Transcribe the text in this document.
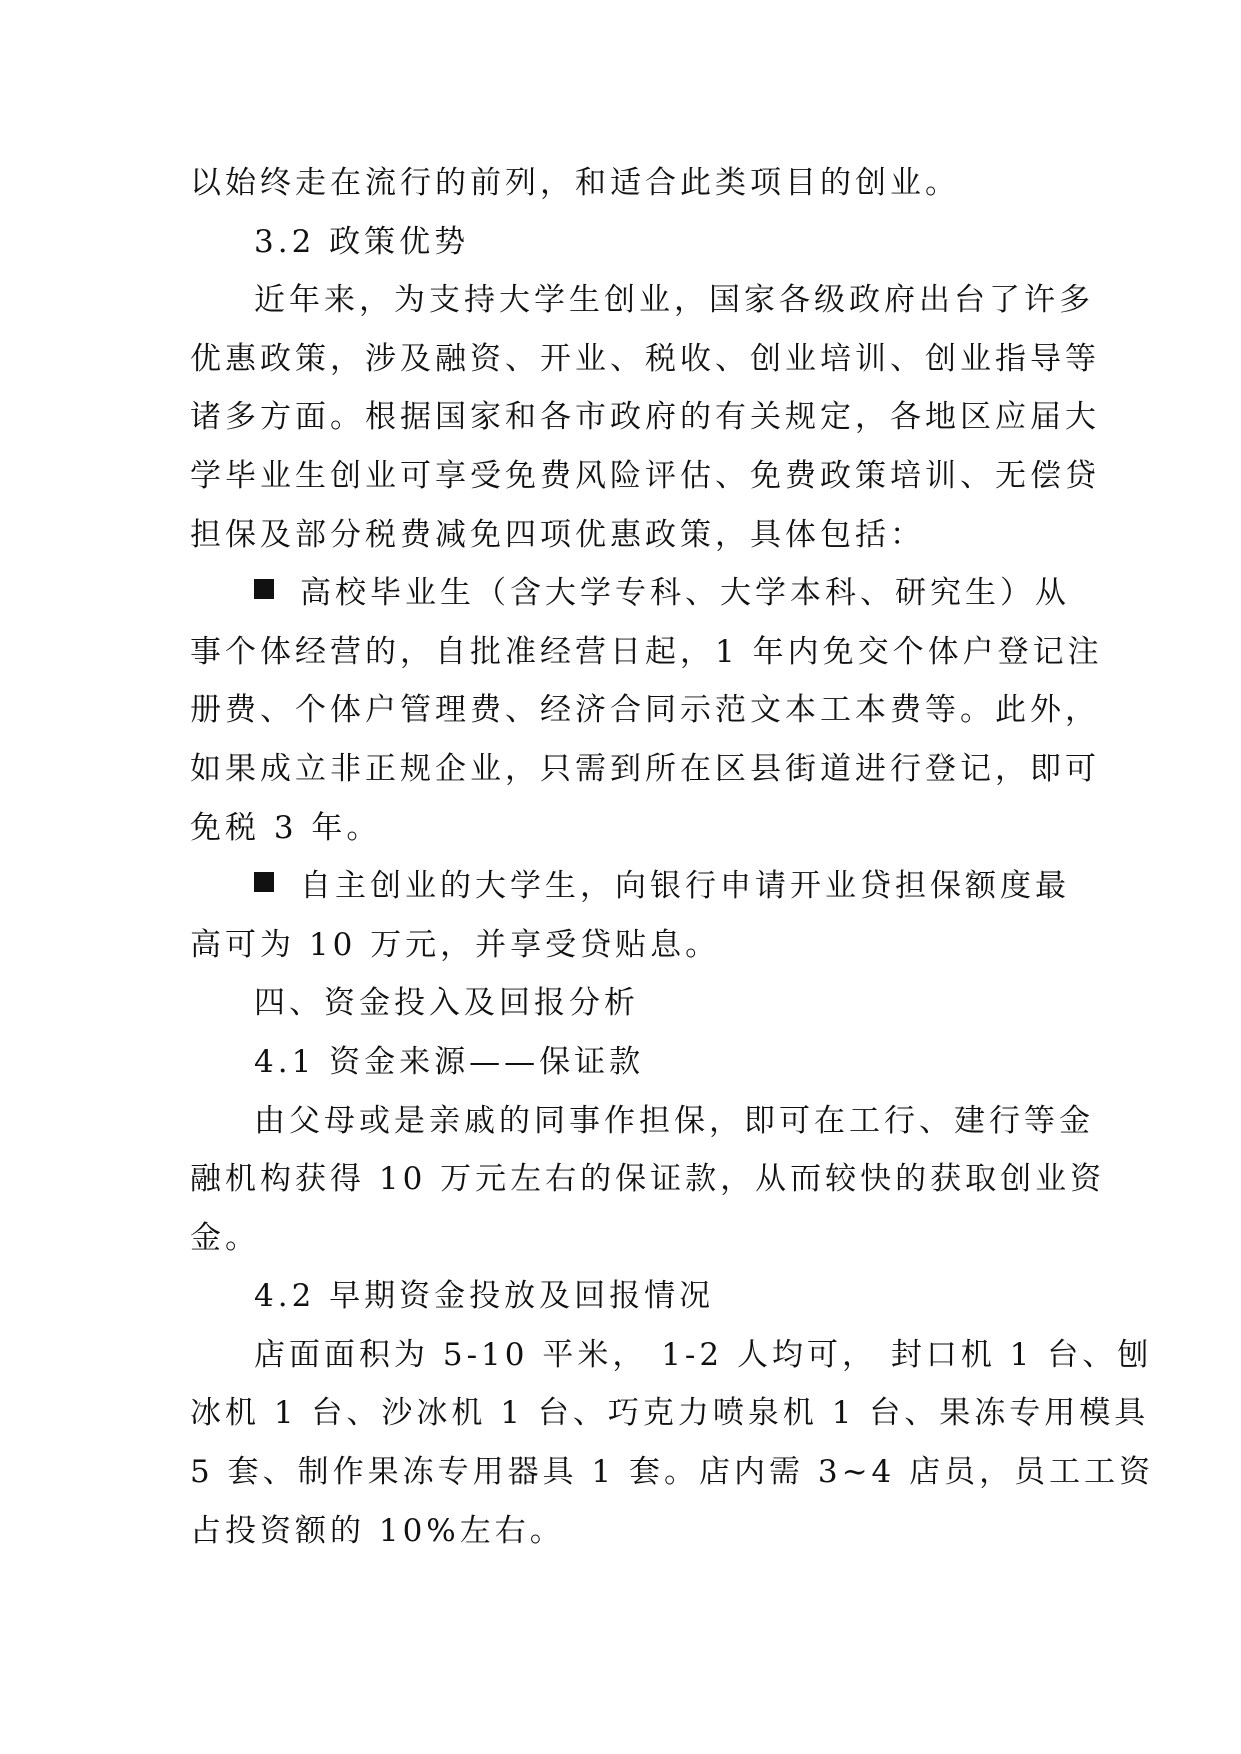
以始终走在流行的前列，和适合此类项目的创业。
3.2 政策优势
近年来，为支持大学生创业，国家各级政府出台了许多
优惠政策，涉及融资、开业、税收、创业培训、创业指导等
诸多方面。根据国家和各市政府的有关规定，各地区应届大
学毕业生创业可享受免费风险评估、免费政策培训、无偿贷
担保及部分税费减免四项优惠政策，具体包括：
高校毕业生（含大学专科、大学本科、研究生）从
事个体经营的，自批准经营日起，1 年内免交个体户登记注
册费、个体户管理费、经济合同示范文本工本费等。此外，
如果成立非正规企业，只需到所在区县街道进行登记，即可
免税 3 年。
自主创业的大学生，向银行申请开业贷担保额度最
高可为 10 万元，并享受贷贴息。
四、资金投入及回报分析
4.1 资金来源——保证款
由父母或是亲戚的同事作担保，即可在工行、建行等金
融机构获得 10 万元左右的保证款，从而较快的获取创业资
金。
4.2 早期资金投放及回报情况
店面面积为 5-10 平米， 1-2 人均可， 封口机 1 台、刨
冰机 1 台、沙冰机 1 台、巧克力喷泉机 1 台、果冻专用模具
5 套、制作果冻专用器具 1 套。店内需 3~4 店员，员工工资
占投资额的 10%左右。
